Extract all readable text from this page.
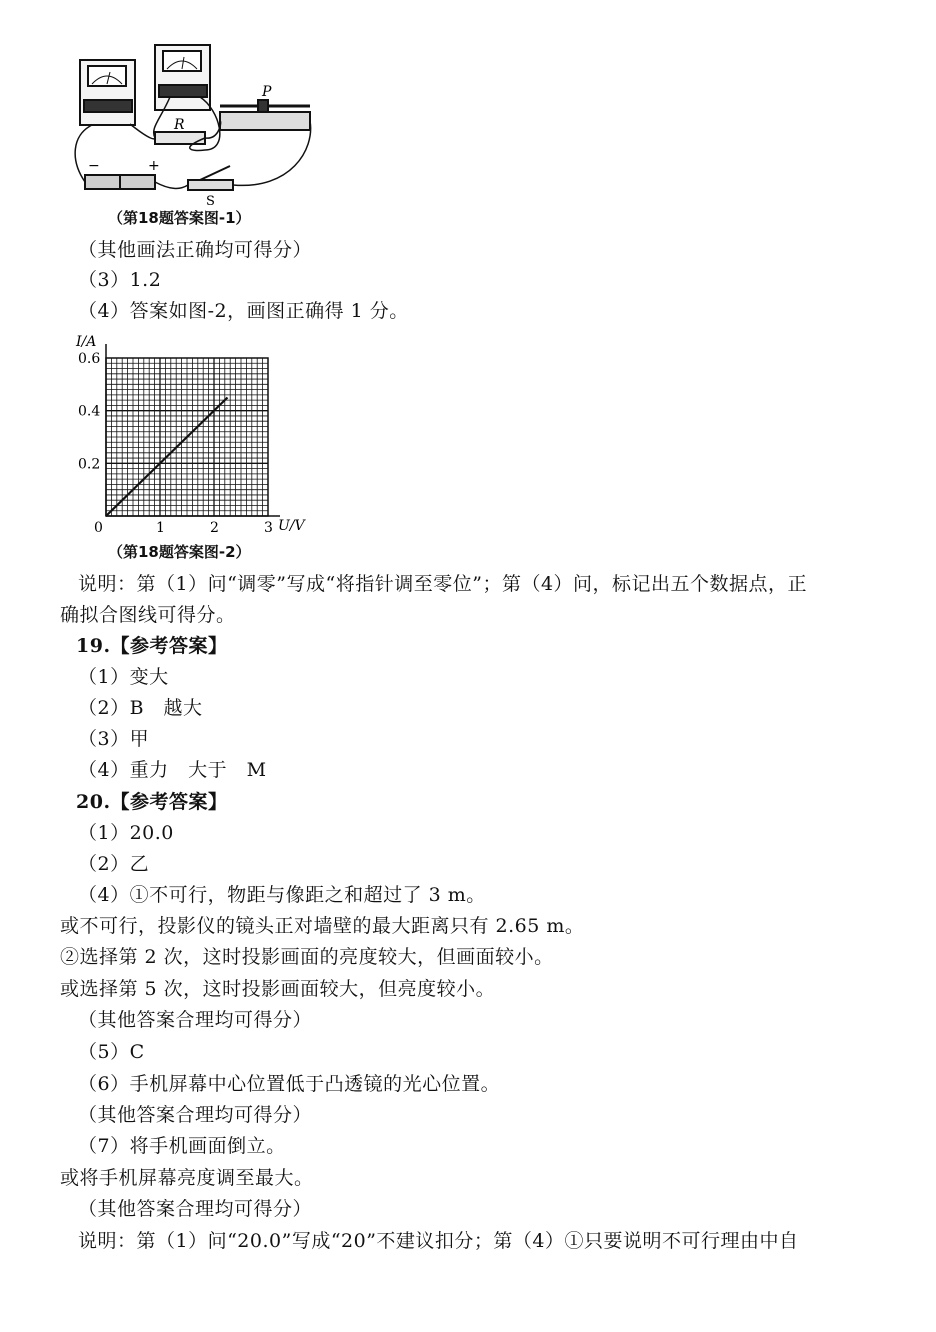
P
R
−	+
S
（第18题答案图-1）
I/A
U/V
0	1	2	3
0.2
0.4
0.6
（第18题答案图-2）
（其他画法正确均可得分）
（3）1.2
（4）答案如图-2，画图正确得 1 分。
说明：第（1）问“调零”写成“将指针调至零位”；第（4）问，标记出五个数据点，正
确拟合图线可得分。
19.【参考答案】
（1）变大
（2）B　越大
（3）甲
（4）重力　大于　M
20.【参考答案】
（1）20.0
（2）乙
（4）①不可行，物距与像距之和超过了 3 m。
或不可行，投影仪的镜头正对墙壁的最大距离只有 2.65 m。
②选择第 2 次，这时投影画面的亮度较大，但画面较小。
或选择第 5 次，这时投影画面较大，但亮度较小。
（其他答案合理均可得分）
（5）C
（6）手机屏幕中心位置低于凸透镜的光心位置。
（其他答案合理均可得分）
（7）将手机画面倒立。
或将手机屏幕亮度调至最大。
（其他答案合理均可得分）
说明：第（1）问“20.0”写成“20”不建议扣分；第（4）①只要说明不可行理由中自
